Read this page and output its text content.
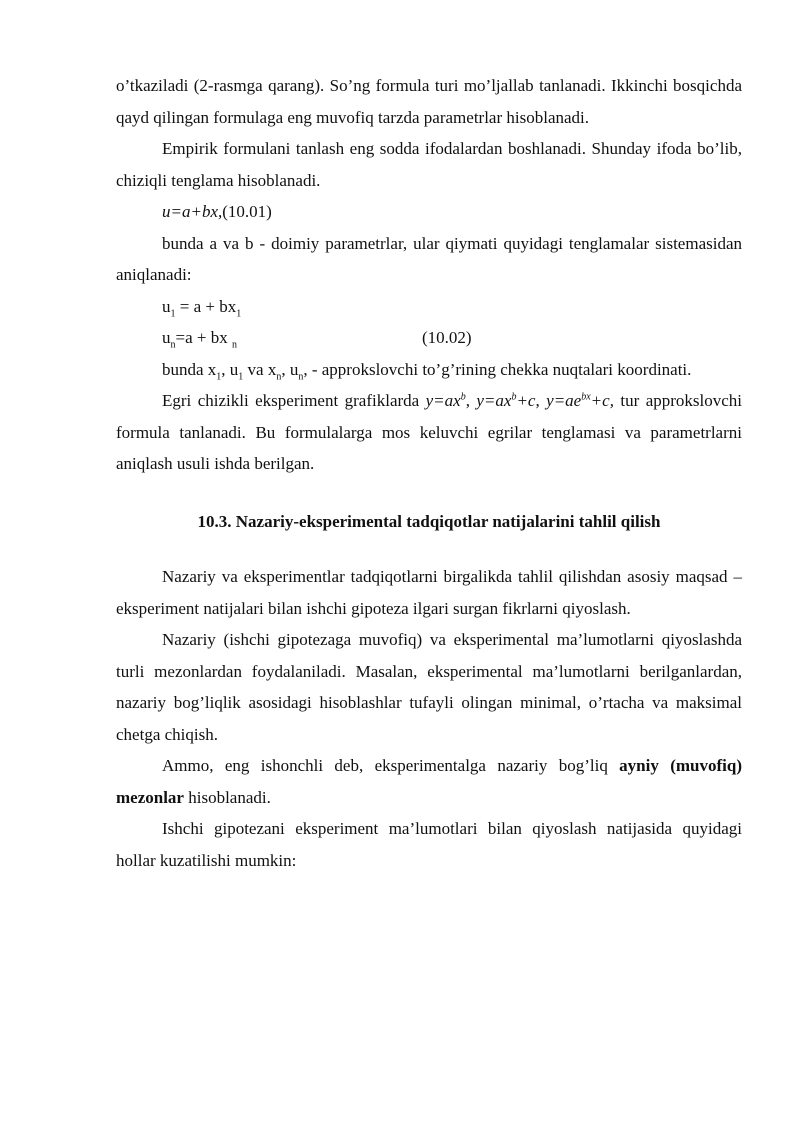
o’tkaziladi (2-rasmga qarang). So’ng formula turi mo’ljallab tanlanadi. Ikkinchi bosqichda qayd qilingan formulaga eng muvofiq tarzda parametrlar hisoblanadi.

Empirik formulani tanlash eng sodda ifodalardan boshlanadi. Shunday ifoda bo’lib, chiziqli tenglama hisoblanadi.

u=a+bx,(10.01)

bunda a va b - doimiy parametrlar, ular qiymati quyidagi tenglamalar sistemasidan aniqlanadi:

$u_1 = a + bx_1$

$u_n=a$ + bx $_n$	(10.02)

bunda $x_1$, $u_1$ va $x_n$, $u_n$, - approkslovchi to’g’rining chekka nuqtalari koordinati.

Egri chizikli eksperiment grafiklarda $y=ax^b$, $y=ax^b+c$, $y=ae^{bx}+c$, tur approkslovchi formula tanlanadi. Bu formulalarga mos keluvchi egrilar tenglamasi va parametrlarni aniqlash usuli ishda berilgan.

10.3. Nazariy-eksperimental tadqiqotlar natijalarini tahlil qilish

Nazariy va eksperimentlar tadqiqotlarni birgalikda tahlil qilishdan asosiy maqsad –eksperiment natijalari bilan ishchi gipoteza ilgari surgan fikrlarni qiyoslash.

Nazariy (ishchi gipotezaga muvofiq) va eksperimental ma’lumotlarni qiyoslashda turli mezonlardan foydalaniladi. Masalan, eksperimental ma’lumotlarni berilganlardan, nazariy bog’liqlik asosidagi hisoblashlar tufayli olingan minimal, o’rtacha va maksimal chetga chiqish.

Ammo, eng ishonchli deb, eksperimentalga nazariy bog’liq ayniy (muvofiq) mezonlar hisoblanadi.

Ishchi gipotezani eksperiment ma’lumotlari bilan qiyoslash natijasida quyidagi hollar kuzatilishi mumkin:
